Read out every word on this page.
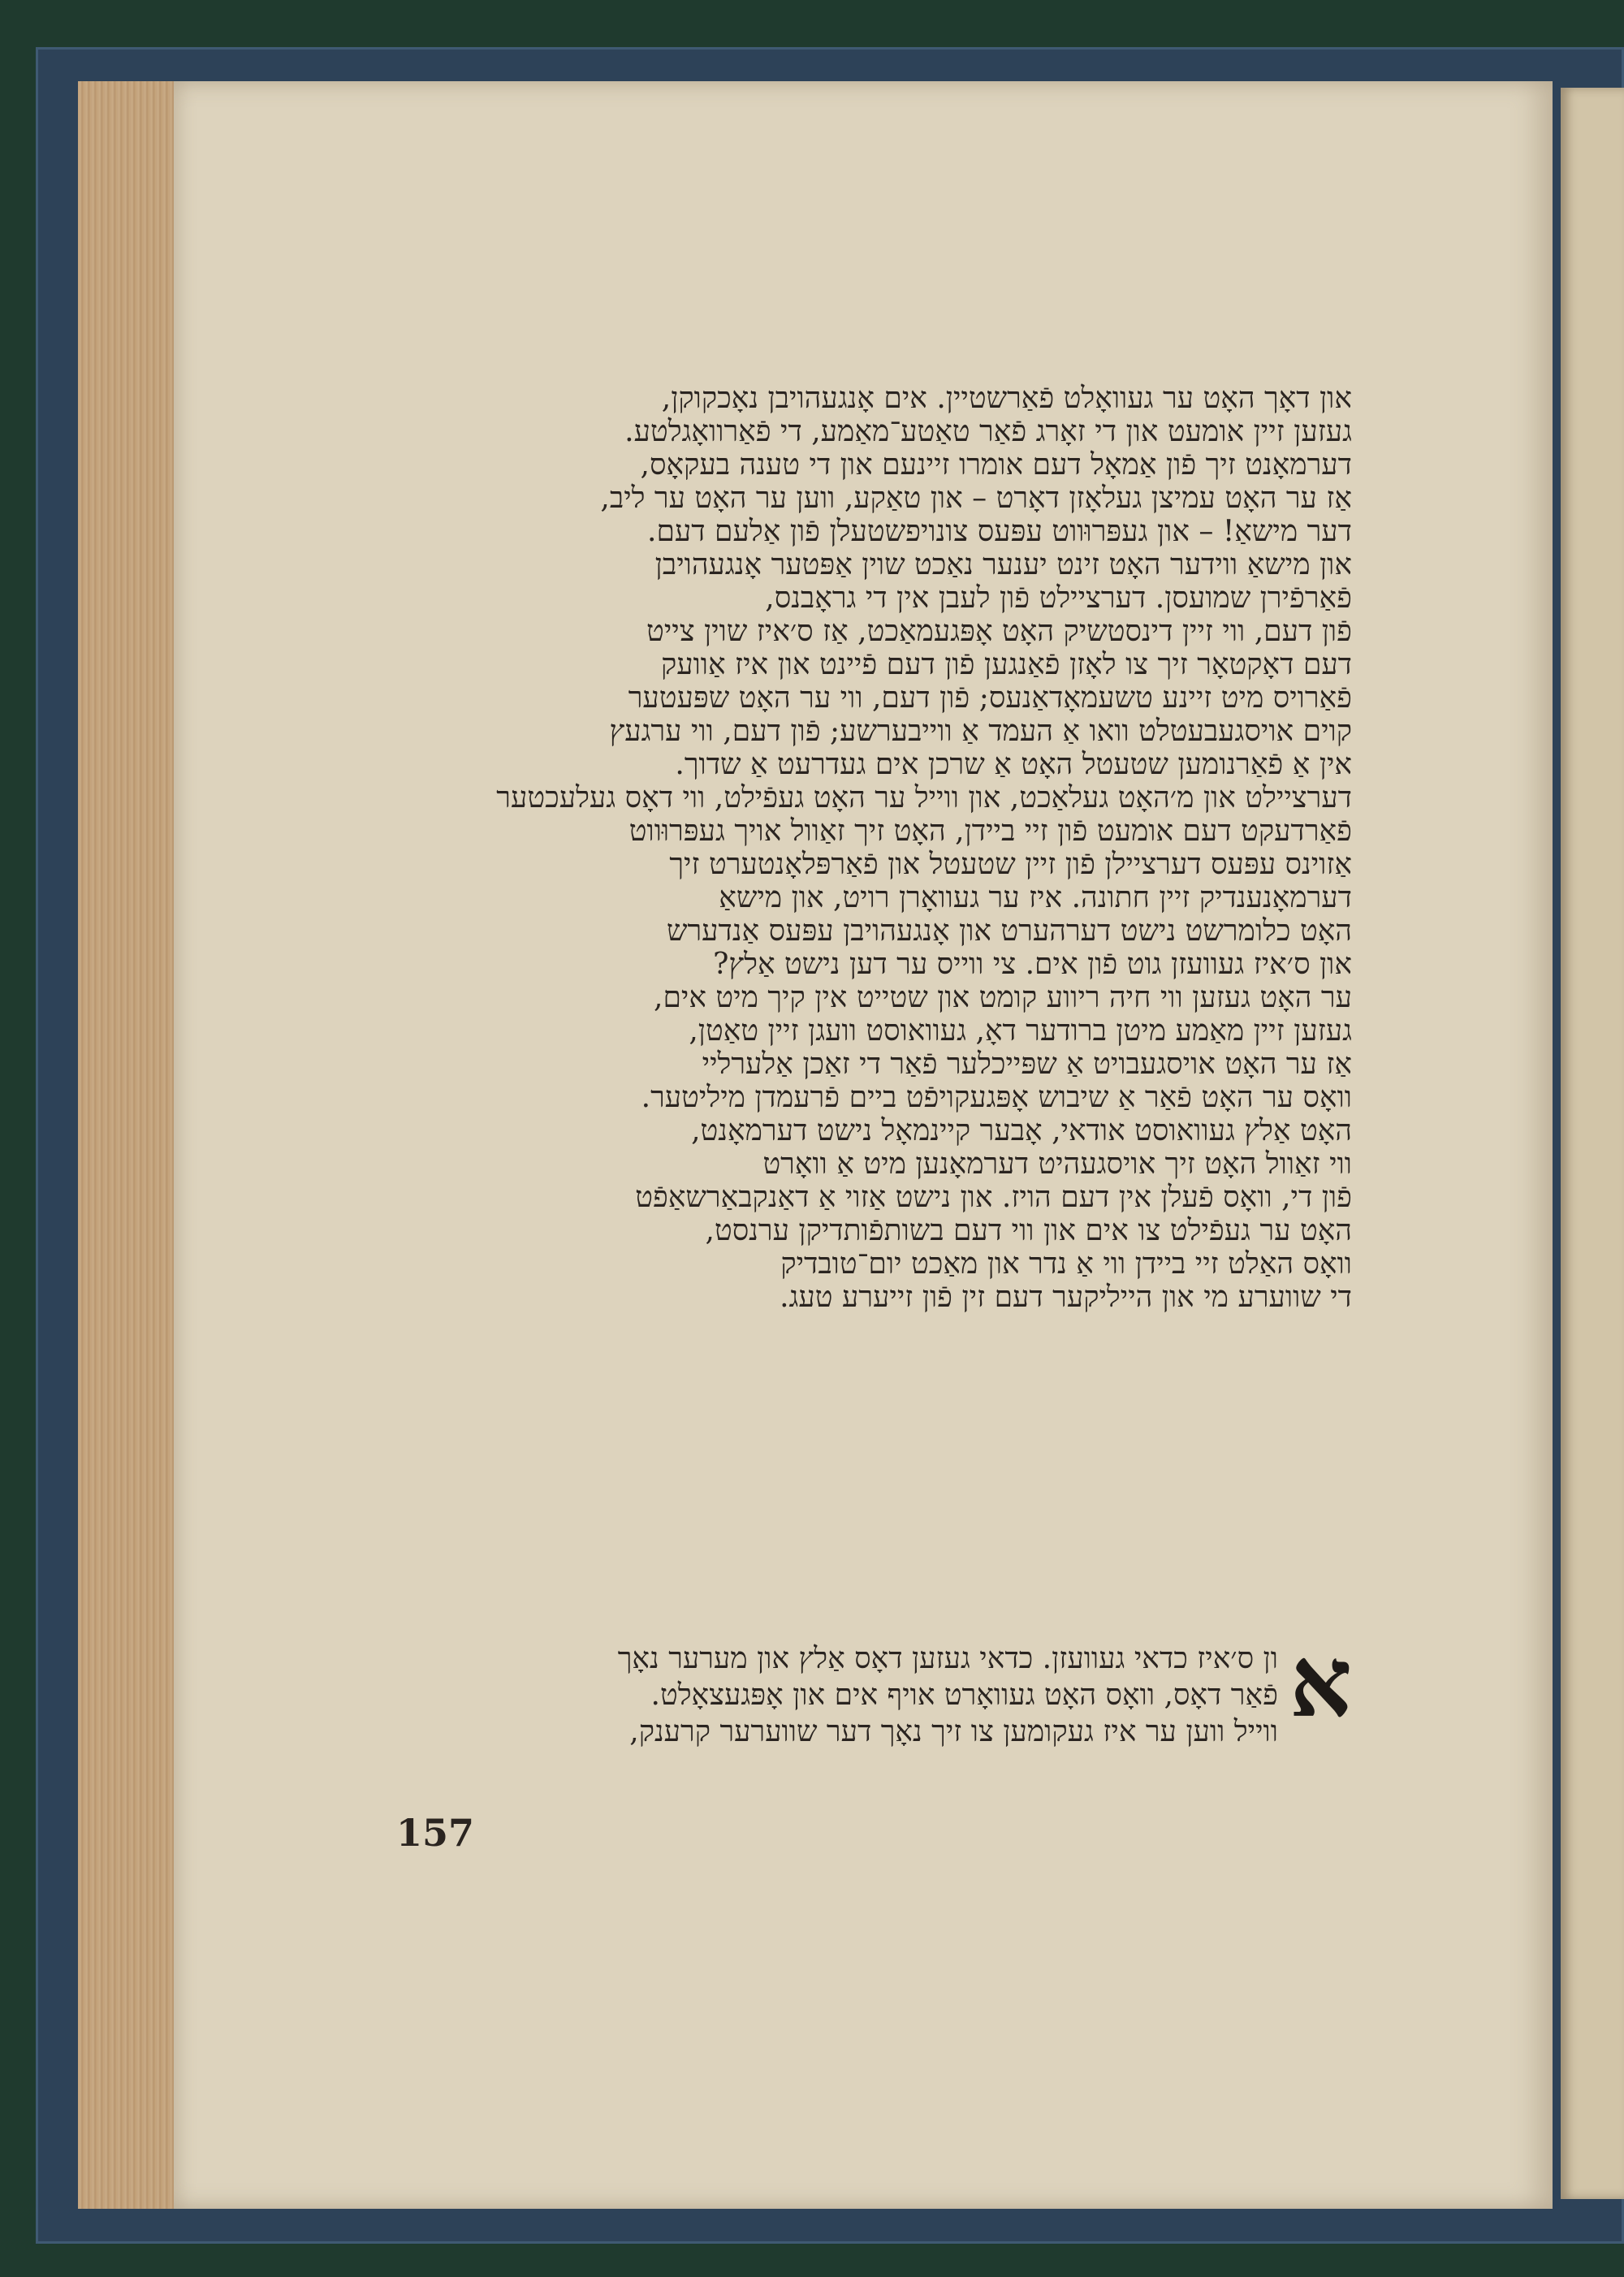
און דאָך האָט ער געוואָלט פֿאַרשטיין. אים אָנגעהויבן נאָכקוקן,
געזען זיין אומעט און די זאָרג פֿאַר טאַטע־מאַמע, די פֿאַרוואָגלטע.
דערמאָנט זיך פֿון אַמאָל דעם אומרו זיינעם און די טענה בעקאָס,
אַז ער האָט עמיצן געלאָזן דאָרט – און טאַקע, ווען ער האָט ער ליב,
דער מישאַ! – און געפּרוּווט עפּעס צונויפשטעלן פֿון אַלעם דעם.
און מישאַ ווידער האָט זינט יענער נאַכט שוין אַפּטער אָנגעהויבן
פֿאַרפֿירן שמועסן. דערציילט פֿון לעבן אין די גראָבנס,
פֿון דעם, ווי זיין דינסטשיק האָט אָפּגעמאַכט, אַז ס׳איז שוין צייט
דעם דאָקטאָר זיך צו לאָזן פֿאַנגען פֿון דעם פֿיינט און איז אַוועק
פֿאַרויס מיט זיינע טשעמאָדאַנעס; פֿון דעם, ווי ער האָט שפּעטער
קוים אויסגעבעטלט וואו אַ העמד אַ ווייבערשע; פֿון דעם, ווי ערגעץ
אין אַ פֿאַרנומען שטעטל האָט אַ שרכן אים געדרעט אַ שדוך.
דערציילט און מ׳האָט געלאַכט, און ווייל ער האָט געפֿילט, ווי דאָס געלעכטער
פֿאַרדעקט דעם אומעט פֿון זיי ביידן, האָט זיך זאַוול אויך געפּרוּווט
אַזוינס עפּעס דערציילן פֿון זיין שטעטל און פֿאַרפּלאָנטערט זיך
דערמאָנענדיק זיין חתונה. איז ער געוואָרן רויט, און מישאַ
האָט כלומרשט נישט דערהערט און אָנגעהויבן עפּעס אַנדערש
און ס׳איז געוועזן גוט פֿון אים. צי ווייס ער דען נישט אַלץ?
ער האָט געזען ווי חיה ריווע קומט און שטייט אין קיך מיט אים,
געזען זיין מאַמע מיטן ברודער דאָ, געוואוסט וועגן זיין טאַטן,
אַז ער האָט אויסגעבויט אַ שפּייכלער פֿאַר די זאַכן אַלערליי
וואָס ער האָט פֿאַר אַ שיבוש אָפּגעקויפֿט ביים פֿרעמדן מיליטער.
האָט אַלץ געוואוסט אודאי, אָבער קיינמאָל נישט דערמאָנט,
ווי זאַוול האָט זיך אויסגעהיט דערמאָנען מיט אַ וואָרט
פֿון די, וואָס פֿעלן אין דעם הויז. און נישט אַזוי אַ דאַנקבאַרשאַפֿט
האָט ער געפֿילט צו אים און ווי דעם בשותפֿותדיקן ערנסט,
וואָס האַלט זיי ביידן ווי אַ נדר און מאַכט יום־טובדיק
די שווערע מי און הייליקער דעם זין פֿון זייערע טעג.
א
ון ס׳איז כדאי געוועזן. כדאי געזען דאָס אַלץ און מערער נאָך
פֿאַר דאָס, וואָס האָט געוואָרט אויף אים און אָפּגעצאָלט.
ווייל ווען ער איז געקומען צו זיך נאָך דער שווערער קרענק,
157
